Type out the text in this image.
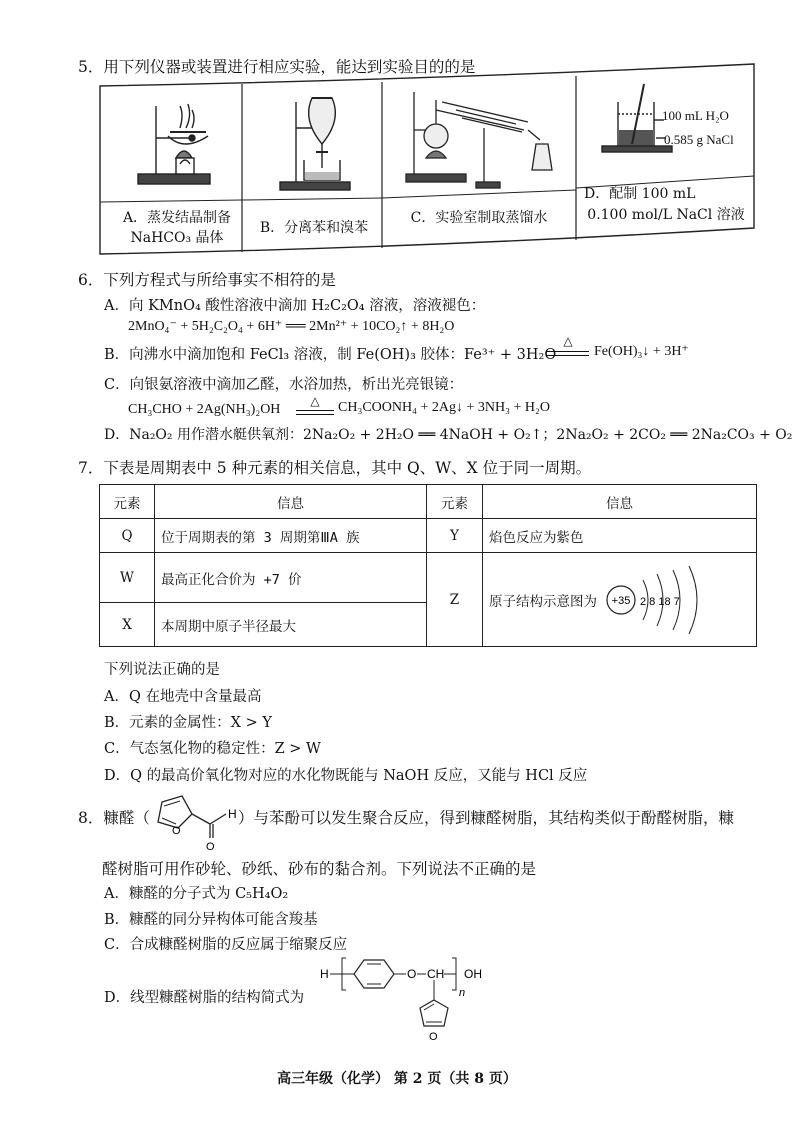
5．用下列仪器或装置进行相应实验，能达到实验目的的是
100 mL H₂O
0.585 g NaCl
A．蒸发结晶制备
NaHCO₃ 晶体
B．分离苯和溴苯
C．实验室制取蒸馏水
D．配制 100 mL
0.100 mol/L NaCl 溶液
6．下列方程式与所给事实不相符的是
A．向 KMnO₄ 酸性溶液中滴加 H₂C₂O₄ 溶液，溶液褪色：
2MnO₄⁻ + 5H₂C₂O₄ + 6H⁺ ══ 2Mn²⁺ + 10CO₂↑ + 8H₂O
B．向沸水中滴加饱和 FeCl₃ 溶液，制 Fe(OH)₃ 胶体：Fe³⁺ + 3H₂O
△
Fe(OH)₃↓ + 3H⁺
C．向银氨溶液中滴加乙醛，水浴加热，析出光亮银镜：
CH₃CHO + 2Ag(NH₃)₂OH
△	CH₃COONH₄ + 2Ag↓ + 3NH₃ + H₂O
D．Na₂O₂ 用作潜水艇供氧剂：2Na₂O₂ + 2H₂O ══ 4NaOH + O₂↑；2Na₂O₂ + 2CO₂ ══ 2Na₂CO₃ + O₂
7．下表是周期表中 5 种元素的相关信息，其中 Q、W、X 位于同一周期。
元素	信息	元素	信息
Q	位于周期表的第 3 周期第ⅢA 族	Y	焰色反应为紫色
W	最高正化合价为 +7 价	Z	原子结构示意图为 +35 2 8 18 7

X	本周期中原子半径最大		
下列说法正确的是
A．Q 在地壳中含量最高
B．元素的金属性：X > Y
C．气态氢化物的稳定性：Z > W
D．Q 的最高价氧化物对应的水化物既能与 NaOH 反应，又能与 HCl 反应
8．糠醛（
O
O
H ）与苯酚可以发生聚合反应，得到糠醛树脂，其结构类似于酚醛树脂，糠
醛树脂可用作砂轮、砂纸、砂布的黏合剂。下列说法不正确的是
A．糠醛的分子式为 C₅H₄O₂
B．糠醛的同分异构体可能含羧基
C．合成糠醛树脂的反应属于缩聚反应
D．线型糠醛树脂的结构简式为
H	O CH
n
OH
O
高三年级（化学） 第 2 页（共 8 页）
